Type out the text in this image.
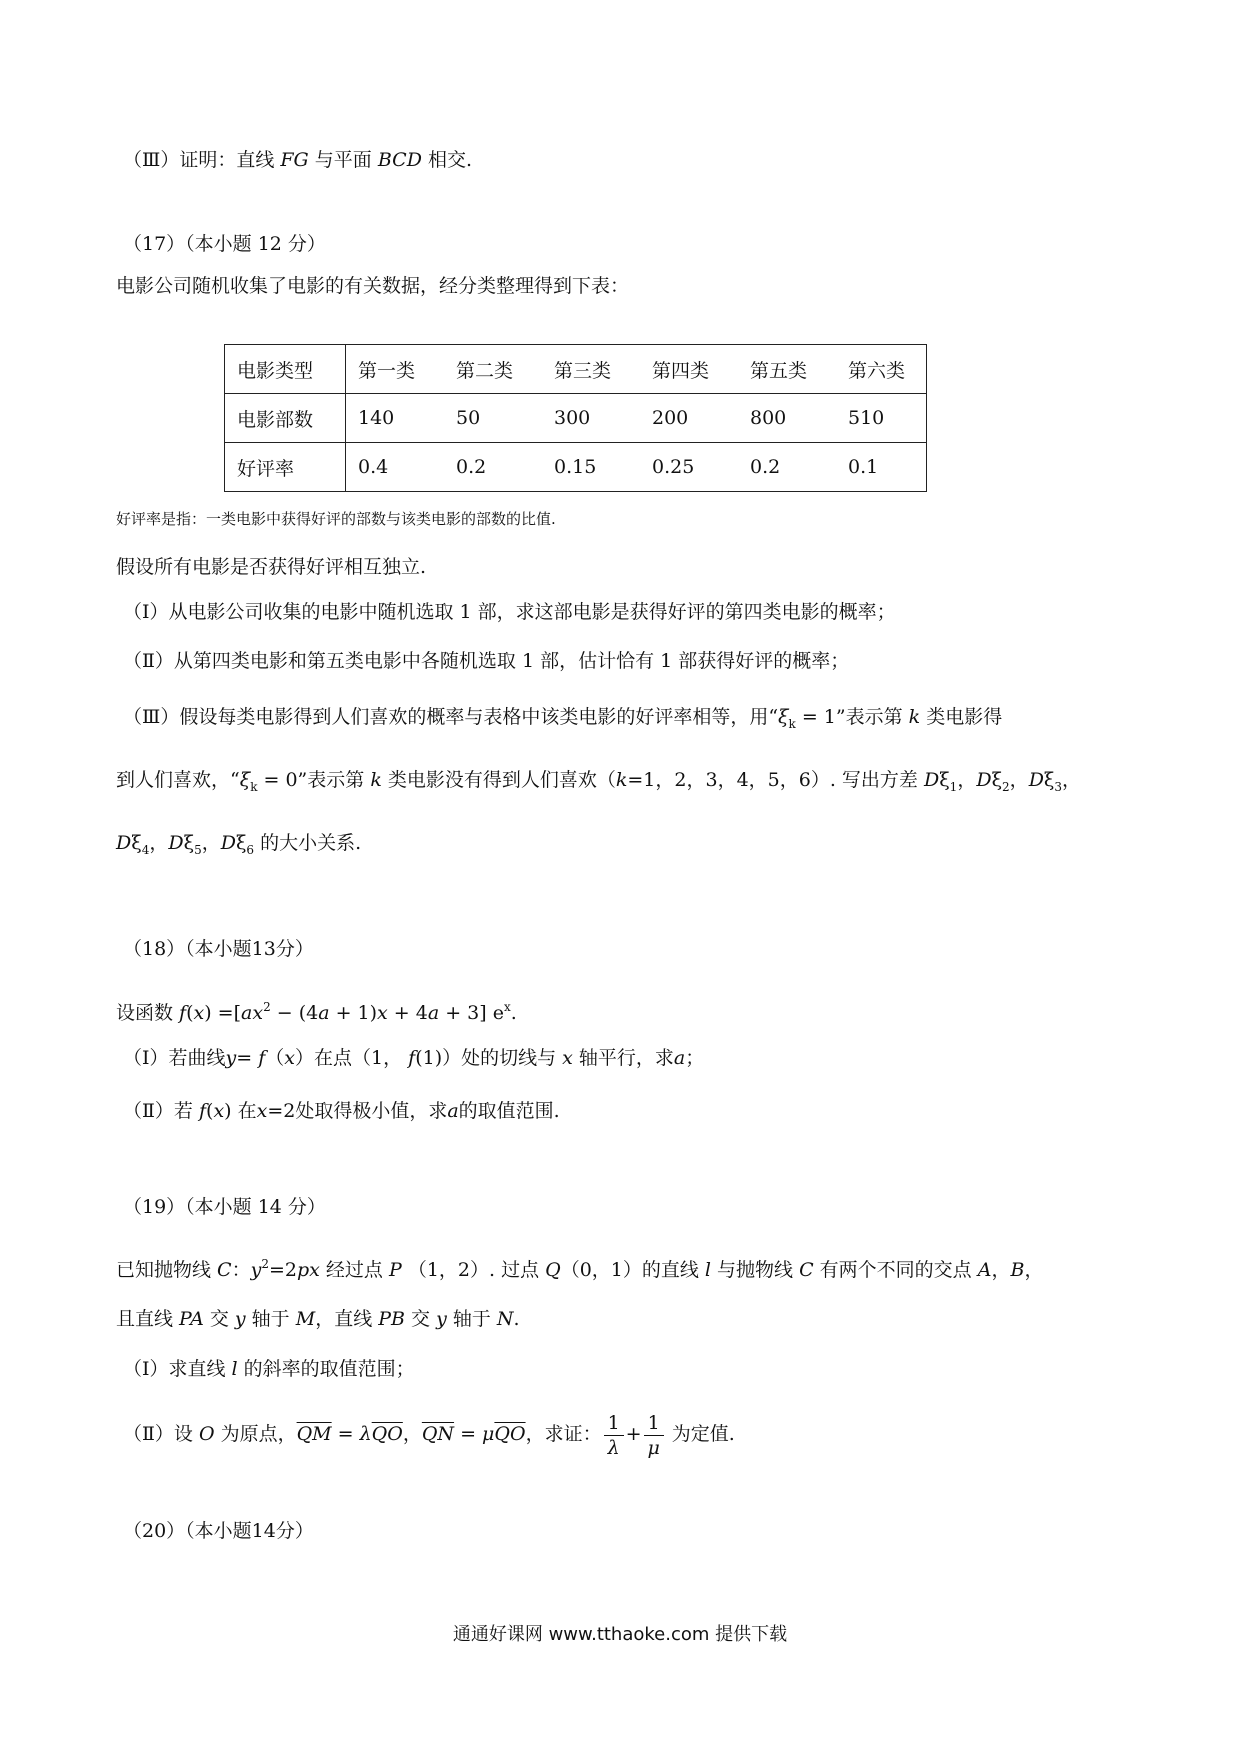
（Ⅲ）证明：直线 FG 与平面 BCD 相交.
（17）（本小题 12 分）
电影公司随机收集了电影的有关数据，经分类整理得到下表：
电影类型	第一类	第二类	第三类	第四类	第五类	第六类
电影部数	140	50	300	200	800	510
好评率	0.4	0.2	0.15	0.25	0.2	0.1
好评率是指：一类电影中获得好评的部数与该类电影的部数的比值.
假设所有电影是否获得好评相互独立.
（Ⅰ）从电影公司收集的电影中随机选取 1 部，求这部电影是获得好评的第四类电影的概率；
（Ⅱ）从第四类电影和第五类电影中各随机选取 1 部，估计恰有 1 部获得好评的概率；
（Ⅲ）假设每类电影得到人们喜欢的概率与表格中该类电影的好评率相等，用“$\xi_k = 1$”表示第 k 类电影得
到人们喜欢，“$\xi_k = 0$”表示第 k 类电影没有得到人们喜欢（k=1，2，3，4，5，6）. 写出方差 $D\xi_1$，$D\xi_2$，$D\xi_3$，
$D\xi_4$，$D\xi_5$，$D\xi_6$ 的大小关系.
（18）（本小题13分）
设函数 $f(x) =[ax^2 - (4a + 1)x + 4a + 3]$ $e^x$.
（Ⅰ）若曲线y= f（x）在点（1， f(1)）处的切线与 x 轴平行，求a；
（Ⅱ）若 f(x) 在x=2处取得极小值，求a的取值范围.
（19）（本小题 14 分）
已知抛物线 C：$y^2=2px$ 经过点 P （1，2）. 过点 Q（0，1）的直线 l 与抛物线 C 有两个不同的交点 A，B，
且直线 PA 交 y 轴于 M，直线 PB 交 y 轴于 N.
（Ⅰ）求直线 l 的斜率的取值范围；
（Ⅱ）设 O 为原点，$\overline{QM} = \lambda\overline{QO}$，$\overline{QN} = \mu\overline{QO}$，求证： $\frac{1}{\lambda} + \frac{1}{\mu}$ 为定值.
（20）（本小题14分）
通通好课网 www.tthaoke.com 提供下载
